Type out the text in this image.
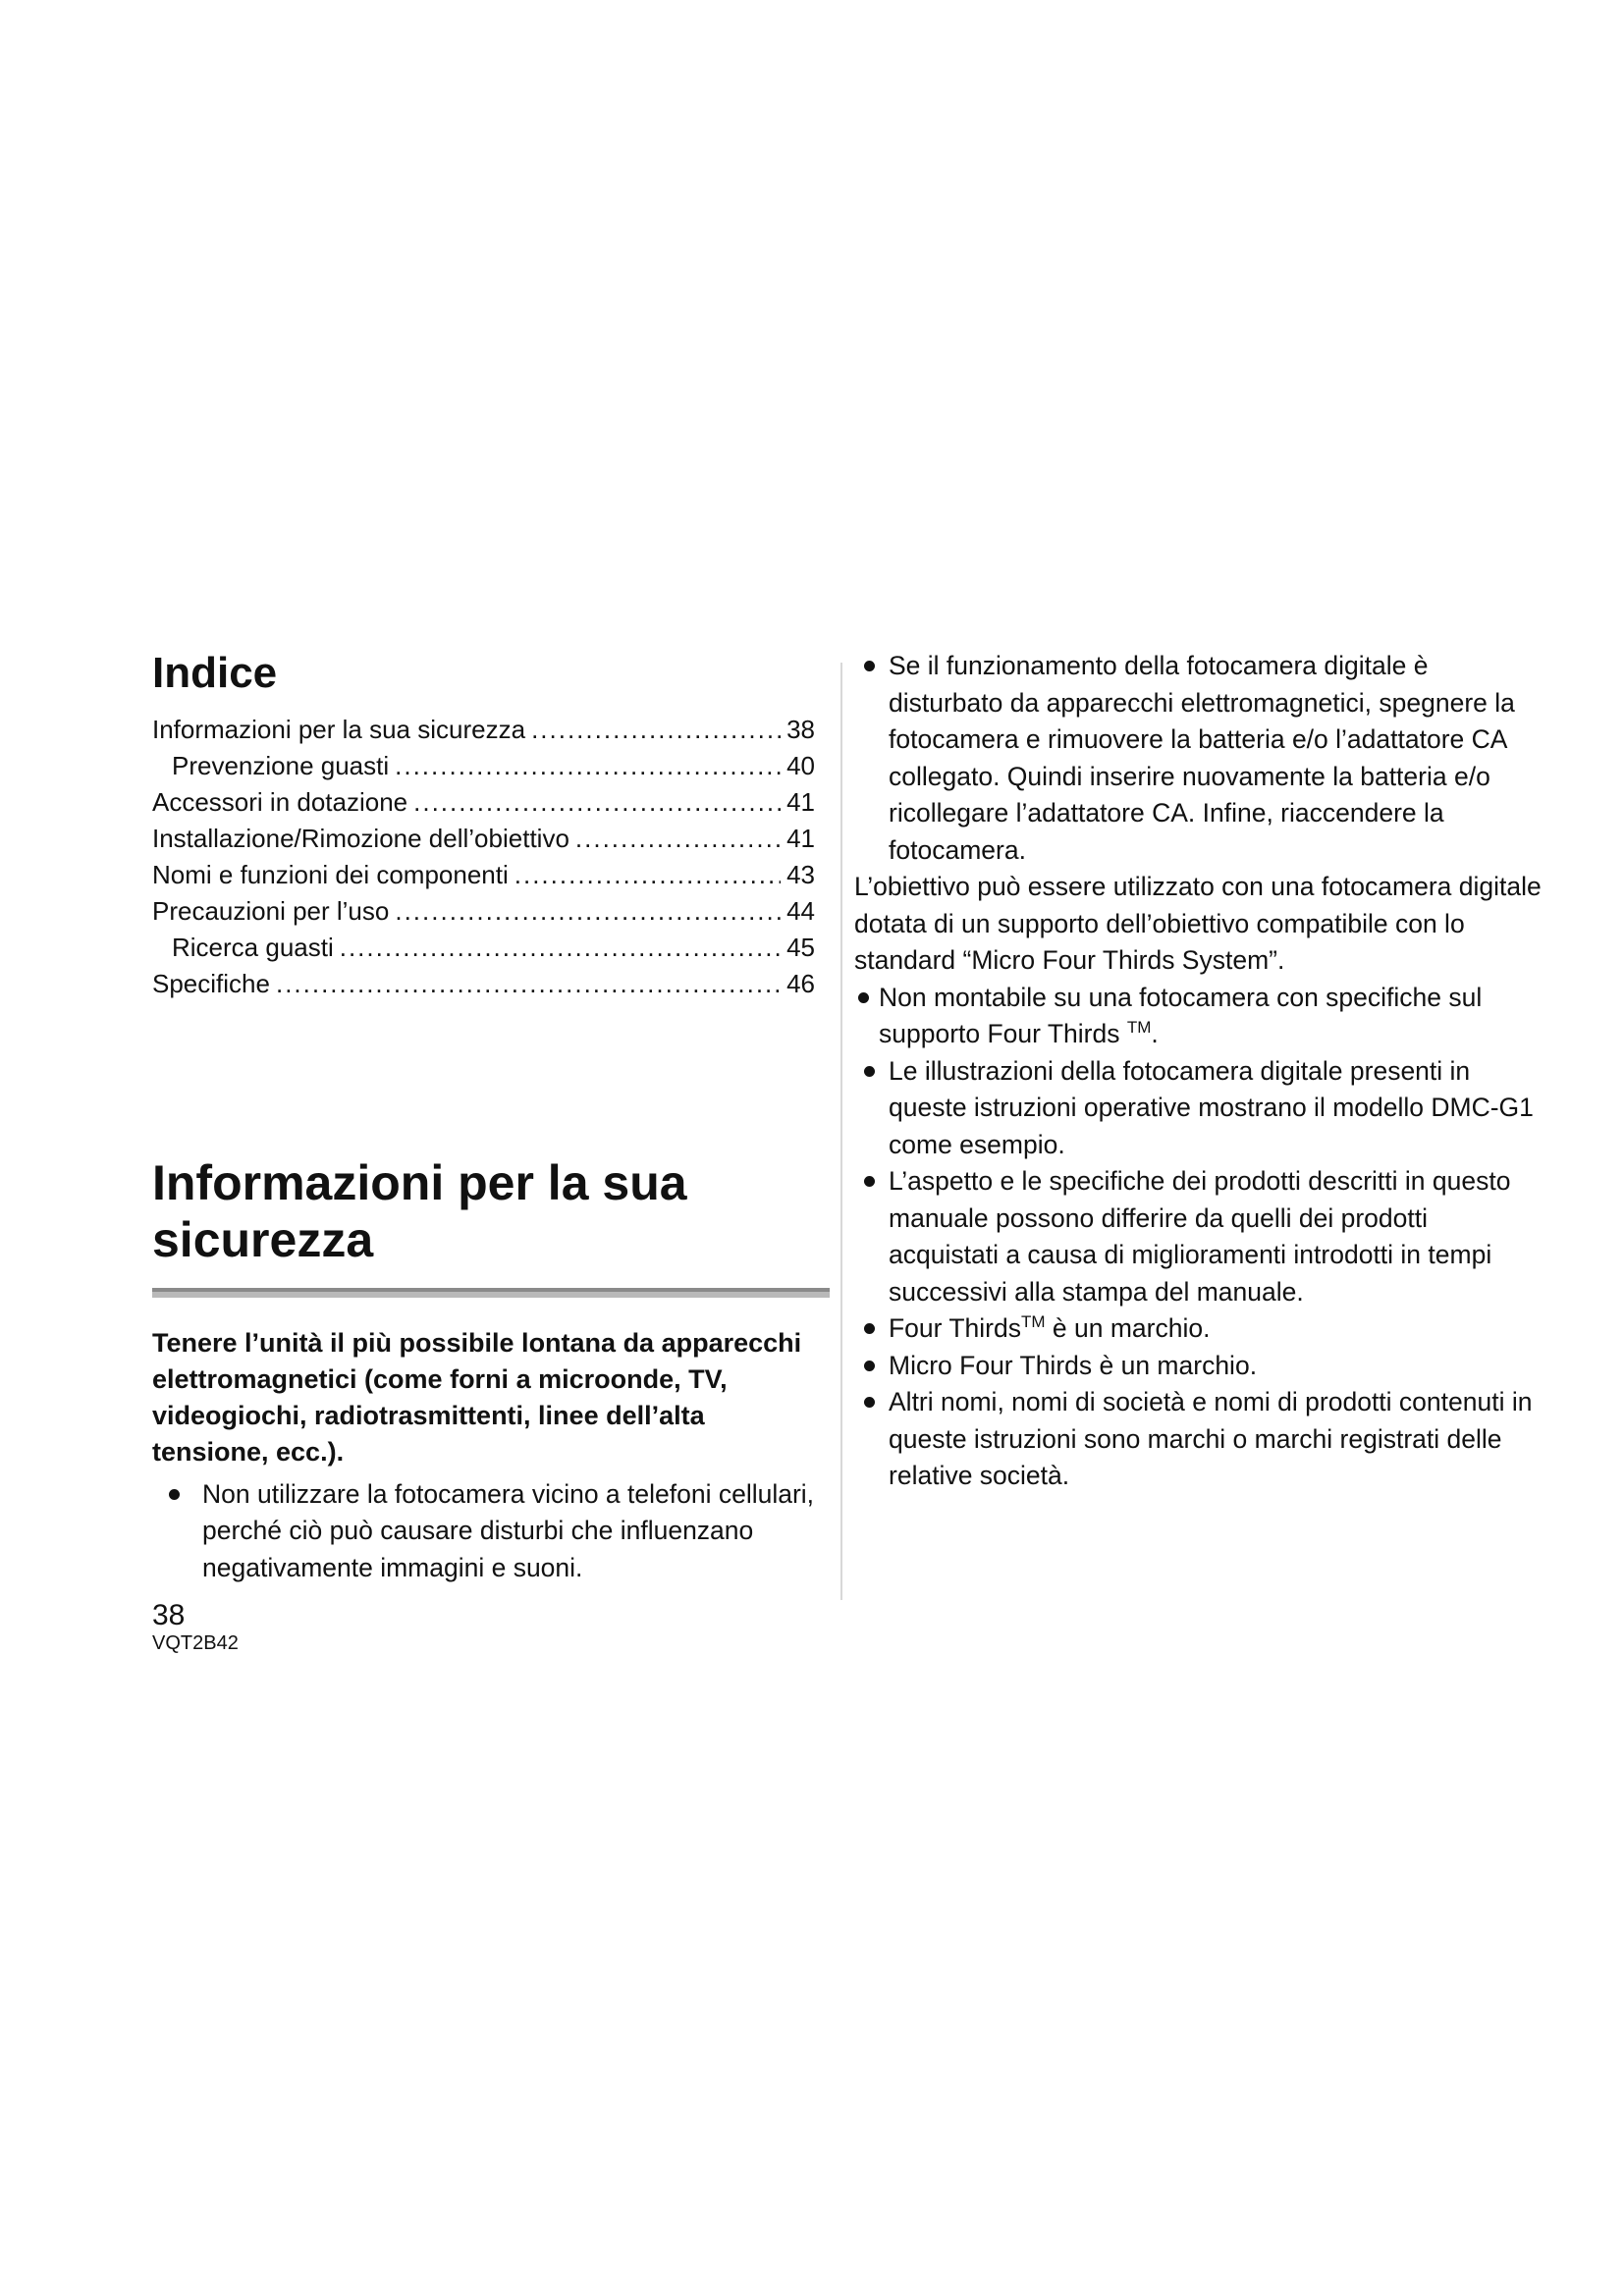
Indice
Informazioni per la sua sicurezza .....	38
Prevenzione guasti .....	40
Accessori in dotazione .....	41
Installazione/Rimozione dell’obiettivo .....	41
Nomi e funzioni dei componenti .....	43
Precauzioni per l’uso .....	44
Ricerca guasti .....	45
Specifiche .....	46
Informazioni per la sua sicurezza

Tenere l’unità il più possibile lontana da apparecchi elettromagnetici (come forni a microonde, TV, videogiochi, radiotrasmittenti, linee dell’alta tensione, ecc.).

Non utilizzare la fotocamera vicino a telefoni cellulari, perché ciò può causare disturbi che influenzano negativamente immagini e suoni.
Se il funzionamento della fotocamera digitale è disturbato da apparecchi elettromagnetici, spegnere la fotocamera e rimuovere la batteria e/o l’adattatore CA collegato. Quindi inserire nuovamente la batteria e/o ricollegare l’adattatore CA. Infine, riaccendere la fotocamera.

L’obiettivo può essere utilizzato con una fotocamera digitale dotata di un supporto dell’obiettivo compatibile con lo standard “Micro Four Thirds System”.

Non montabile su una fotocamera con specifiche sul supporto Four Thirds ™.
Le illustrazioni della fotocamera digitale presenti in queste istruzioni operative mostrano il modello DMC-G1 come esempio.
L’aspetto e le specifiche dei prodotti descritti in questo manuale possono differire da quelli dei prodotti acquistati a causa di miglioramenti introdotti in tempi successivi alla stampa del manuale.
Four Thirds™ è un marchio.
Micro Four Thirds è un marchio.
Altri nomi, nomi di società e nomi di prodotti contenuti in queste istruzioni sono marchi o marchi registrati delle relative società.
38
VQT2B42
